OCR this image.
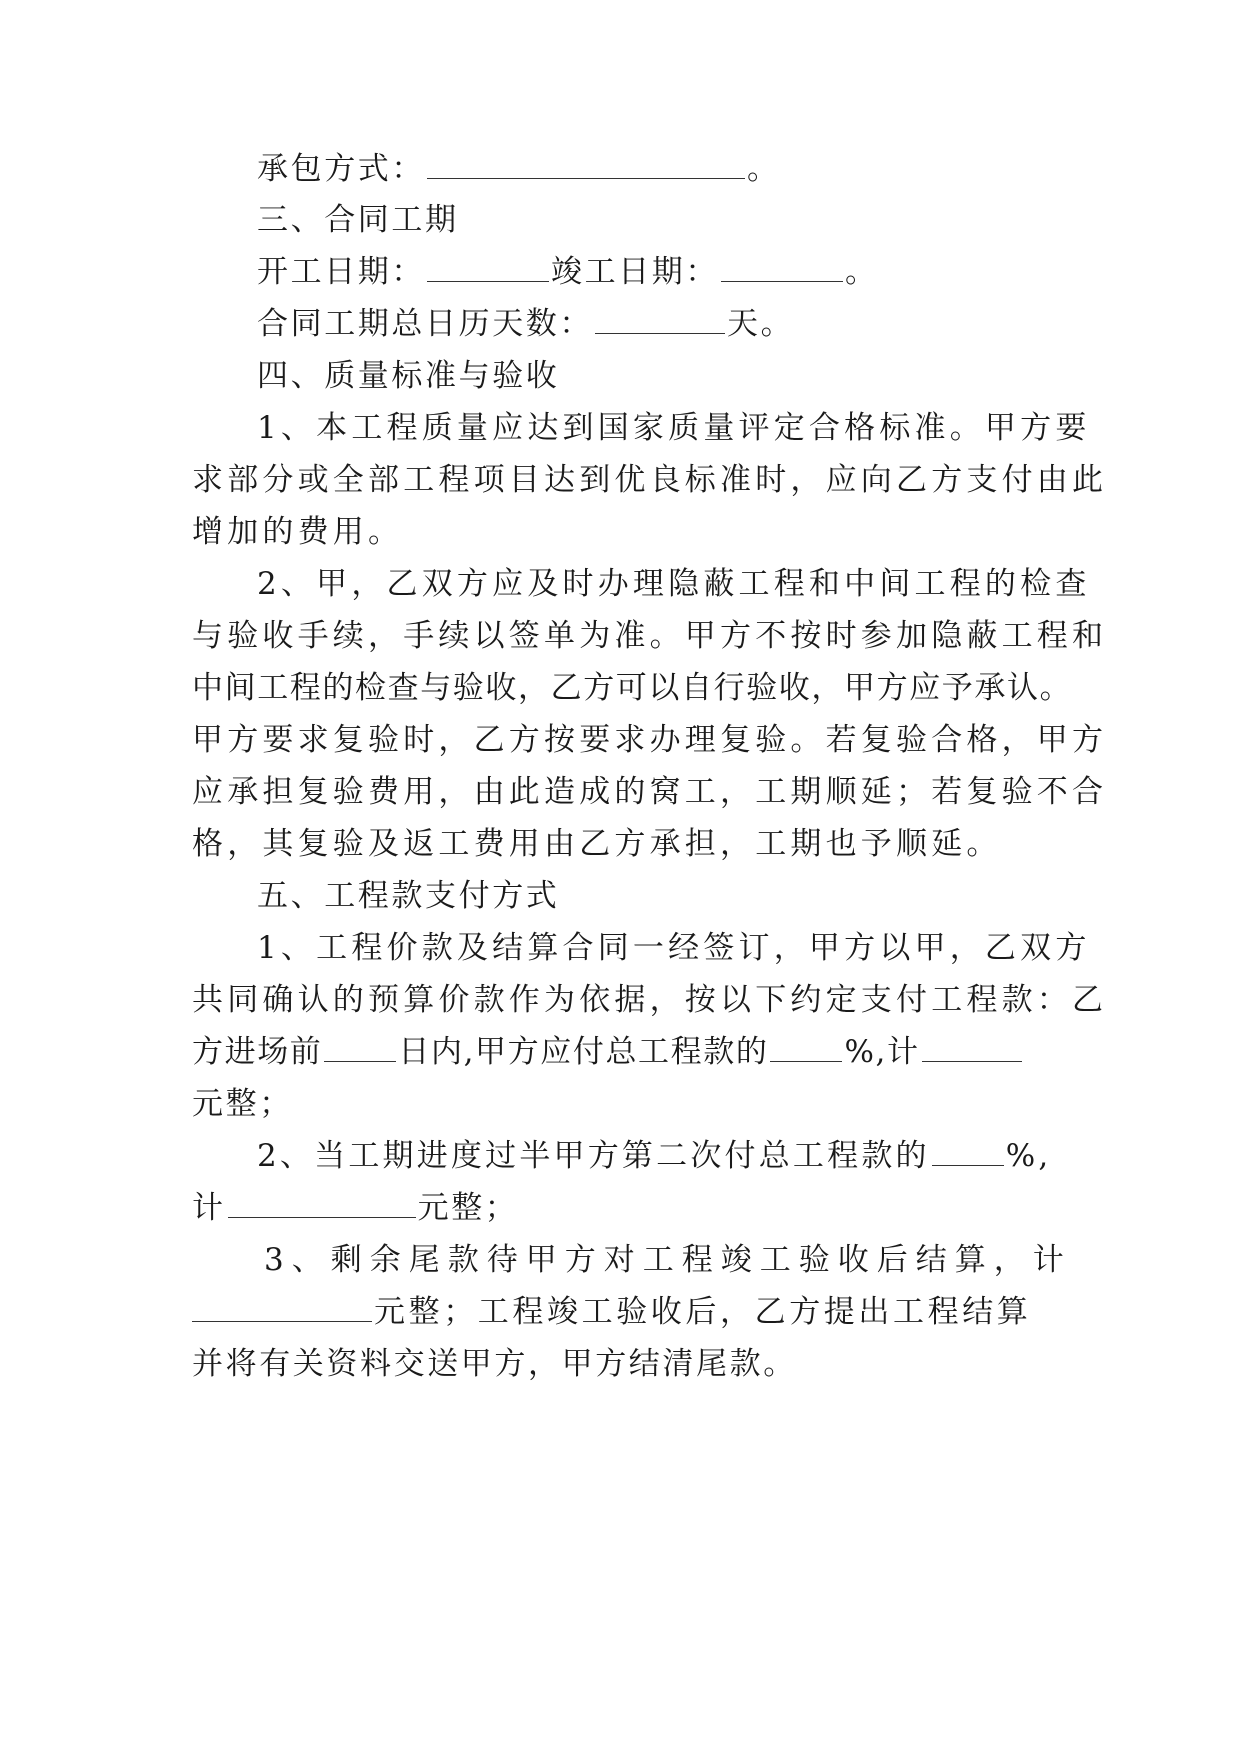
承包方式：	。
三、合同工期
开工日期：	竣工日期：	。
合同工期总日历天数：	天。
四、质量标准与验收
1、本工程质量应达到国家质量评定合格标准。甲方要
求部分或全部工程项目达到优良标准时，应向乙方支付由此
增加的费用。
2、甲，乙双方应及时办理隐蔽工程和中间工程的检查
与验收手续，手续以签单为准。甲方不按时参加隐蔽工程和
中间工程的检查与验收，乙方可以自行验收，甲方应予承认。
甲方要求复验时，乙方按要求办理复验。若复验合格，甲方
应承担复验费用，由此造成的窝工，工期顺延；若复验不合
格，其复验及返工费用由乙方承担，工期也予顺延。
五、工程款支付方式
1、工程价款及结算合同一经签订，甲方以甲，乙双方
共同确认的预算价款作为依据，按以下约定支付工程款：乙
方进场前 日内,甲方应付总工程款的 %,计
元整；
2、当工期进度过半甲方第二次付总工程款的 %,
计	元整；
3、剩余尾款待甲方对工程竣工验收后结算，计
元整；工程竣工验收后，乙方提出工程结算
并将有关资料交送甲方，甲方结清尾款。
